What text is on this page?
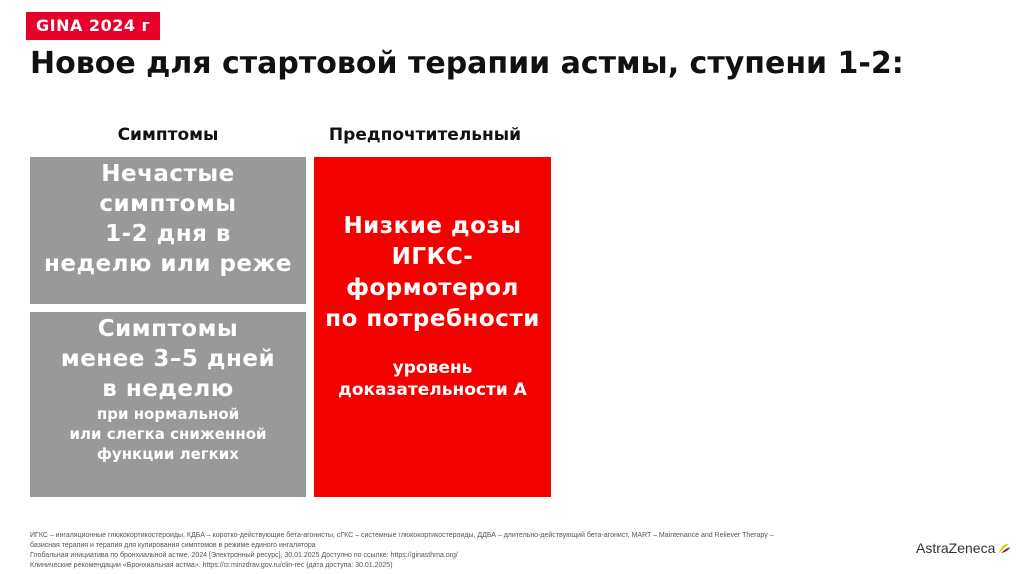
GINA 2024 г
Новое для стартовой терапии астмы, ступени 1-2:
Симптомы	Предпочтительный
Нечастые
симптомы
1-2 дня в
неделю или реже
Симптомы
менее 3–5 дней
в неделю
при нормальной
или слегка сниженной
функции легких
Низкие дозы
ИГКС-
формотерол
по потребности
уровень
доказательности А
ИГКС – ингаляционные глюкокортикостероиды, КДБА – коротко-действующие бета-агонисты, сГКС – системные глюкокортикостероиды, ДДБА – длительно-действующий бета-агонист, MART – Maintenance and Reliever Therapy – базисная терапия и терапия для купирования симптомов в режиме единого ингалятора
Глобальная инициатива по бронхиальной астме, 2024 [Электронный ресурс], 30.01.2025 Доступно по ссылке: https://ginasthma.org/
Клинические рекомендации «Бронхиальная астма». https://cr.minzdrav.gov.ru/clin-rec (дата доступа: 30.01.2025)
AstraZeneca
